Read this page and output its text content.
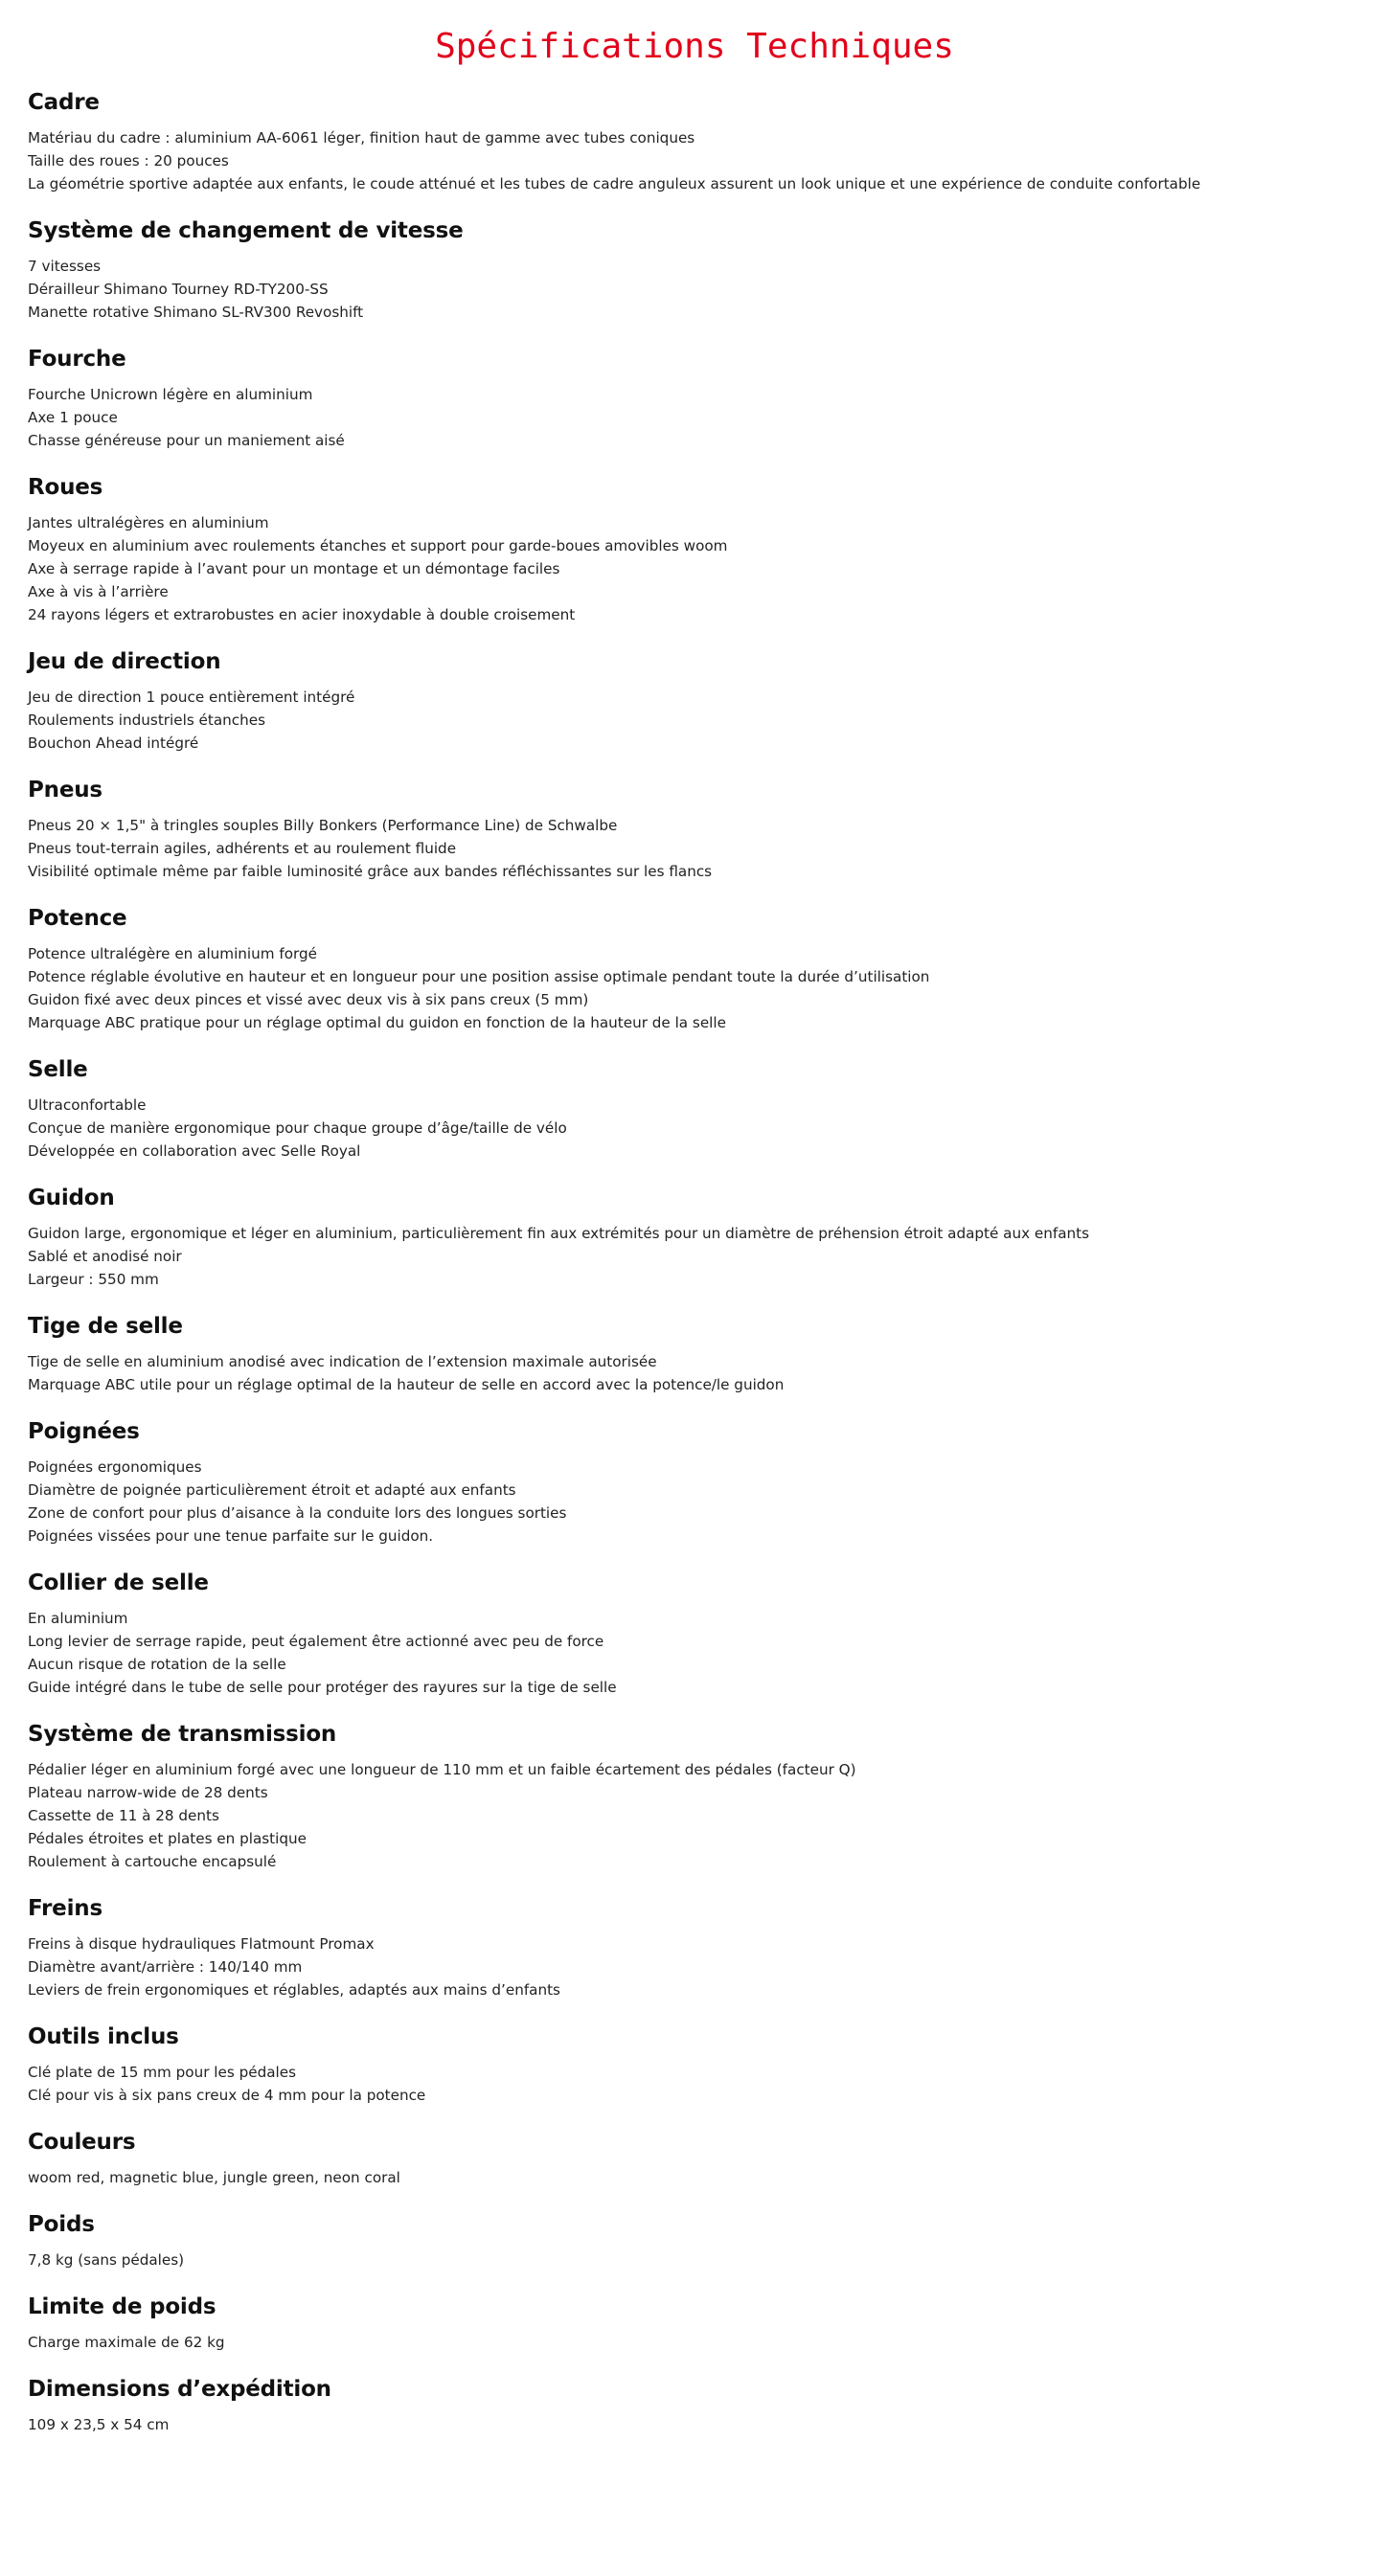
Spécifications Techniques
Cadre
Matériau du cadre : aluminium AA-6061 léger, finition haut de gamme avec tubes coniques
Taille des roues : 20 pouces
La géométrie sportive adaptée aux enfants, le coude atténué et les tubes de cadre anguleux assurent un look unique et une expérience de conduite confortable
Système de changement de vitesse
7 vitesses
Dérailleur Shimano Tourney RD-TY200-SS
Manette rotative Shimano SL-RV300 Revoshift
Fourche
Fourche Unicrown légère en aluminium
Axe 1 pouce
Chasse généreuse pour un maniement aisé
Roues
Jantes ultralégères en aluminium
Moyeux en aluminium avec roulements étanches et support pour garde-boues amovibles woom
Axe à serrage rapide à l’avant pour un montage et un démontage faciles
Axe à vis à l’arrière
24 rayons légers et extrarobustes en acier inoxydable à double croisement
Jeu de direction
Jeu de direction 1 pouce entièrement intégré
Roulements industriels étanches
Bouchon Ahead intégré
Pneus
Pneus 20 × 1,5" à tringles souples Billy Bonkers (Performance Line) de Schwalbe
Pneus tout-terrain agiles, adhérents et au roulement fluide
Visibilité optimale même par faible luminosité grâce aux bandes réfléchissantes sur les flancs
Potence
Potence ultralégère en aluminium forgé
Potence réglable évolutive en hauteur et en longueur pour une position assise optimale pendant toute la durée d’utilisation
Guidon fixé avec deux pinces et vissé avec deux vis à six pans creux (5 mm)
Marquage ABC pratique pour un réglage optimal du guidon en fonction de la hauteur de la selle
Selle
Ultraconfortable
Conçue de manière ergonomique pour chaque groupe d’âge/taille de vélo
Développée en collaboration avec Selle Royal
Guidon
Guidon large, ergonomique et léger en aluminium, particulièrement fin aux extrémités pour un diamètre de préhension étroit adapté aux enfants
Sablé et anodisé noir
Largeur : 550 mm
Tige de selle
Tige de selle en aluminium anodisé avec indication de l’extension maximale autorisée
Marquage ABC utile pour un réglage optimal de la hauteur de selle en accord avec la potence/le guidon
Poignées
Poignées ergonomiques
Diamètre de poignée particulièrement étroit et adapté aux enfants
Zone de confort pour plus d’aisance à la conduite lors des longues sorties
Poignées vissées pour une tenue parfaite sur le guidon.
Collier de selle
En aluminium
Long levier de serrage rapide, peut également être actionné avec peu de force
Aucun risque de rotation de la selle
Guide intégré dans le tube de selle pour protéger des rayures sur la tige de selle
Système de transmission
Pédalier léger en aluminium forgé avec une longueur de 110 mm et un faible écartement des pédales (facteur Q)
Plateau narrow-wide de 28 dents
Cassette de 11 à 28 dents
Pédales étroites et plates en plastique
Roulement à cartouche encapsulé
Freins
Freins à disque hydrauliques Flatmount Promax
Diamètre avant/arrière : 140/140 mm
Leviers de frein ergonomiques et réglables, adaptés aux mains d’enfants
Outils inclus
Clé plate de 15 mm pour les pédales
Clé pour vis à six pans creux de 4 mm pour la potence
Couleurs
woom red, magnetic blue, jungle green, neon coral
Poids
7,8 kg (sans pédales)
Limite de poids
Charge maximale de 62 kg
Dimensions d’expédition
109 x 23,5 x 54 cm
